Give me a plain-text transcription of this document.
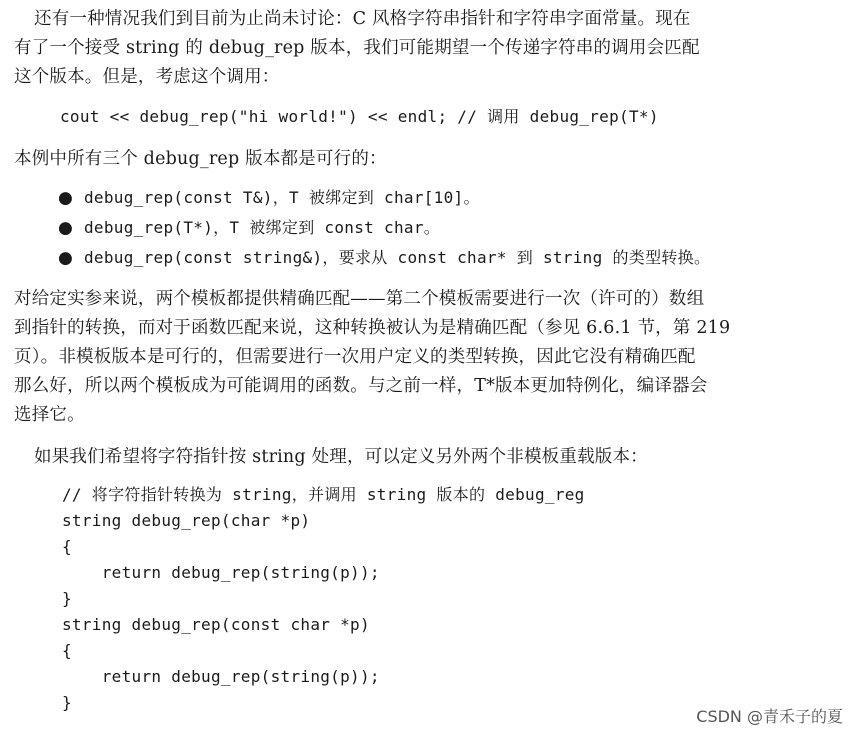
还有一种情况我们到目前为止尚未讨论：C 风格字符串指针和字符串字面常量。现在
有了一个接受 string 的 debug_rep 版本，我们可能期望一个传递字符串的调用会匹配
这个版本。但是，考虑这个调用：
cout << debug_rep("hi world!") << endl; // 调用 debug_rep(T*)
本例中所有三个 debug_rep 版本都是可行的：
● debug_rep(const T&)，T 被绑定到 char[10]。
● debug_rep(T*)，T 被绑定到 const char。
● debug_rep(const string&)，要求从 const char* 到 string 的类型转换。
对给定实参来说，两个模板都提供精确匹配——第二个模板需要进行一次（许可的）数组
到指针的转换，而对于函数匹配来说，这种转换被认为是精确匹配（参见 6.6.1 节，第 219
页）。非模板版本是可行的，但需要进行一次用户定义的类型转换，因此它没有精确匹配
那么好，所以两个模板成为可能调用的函数。与之前一样，T*版本更加特例化，编译器会
选择它。
如果我们希望将字符指针按 string 处理，可以定义另外两个非模板重载版本：
// 将字符指针转换为 string，并调用 string 版本的 debug_reg
string debug_rep(char *p)
{
return debug_rep(string(p));
}
string debug_rep(const char *p)
{
return debug_rep(string(p));
}
CSDN @青禾子的夏
